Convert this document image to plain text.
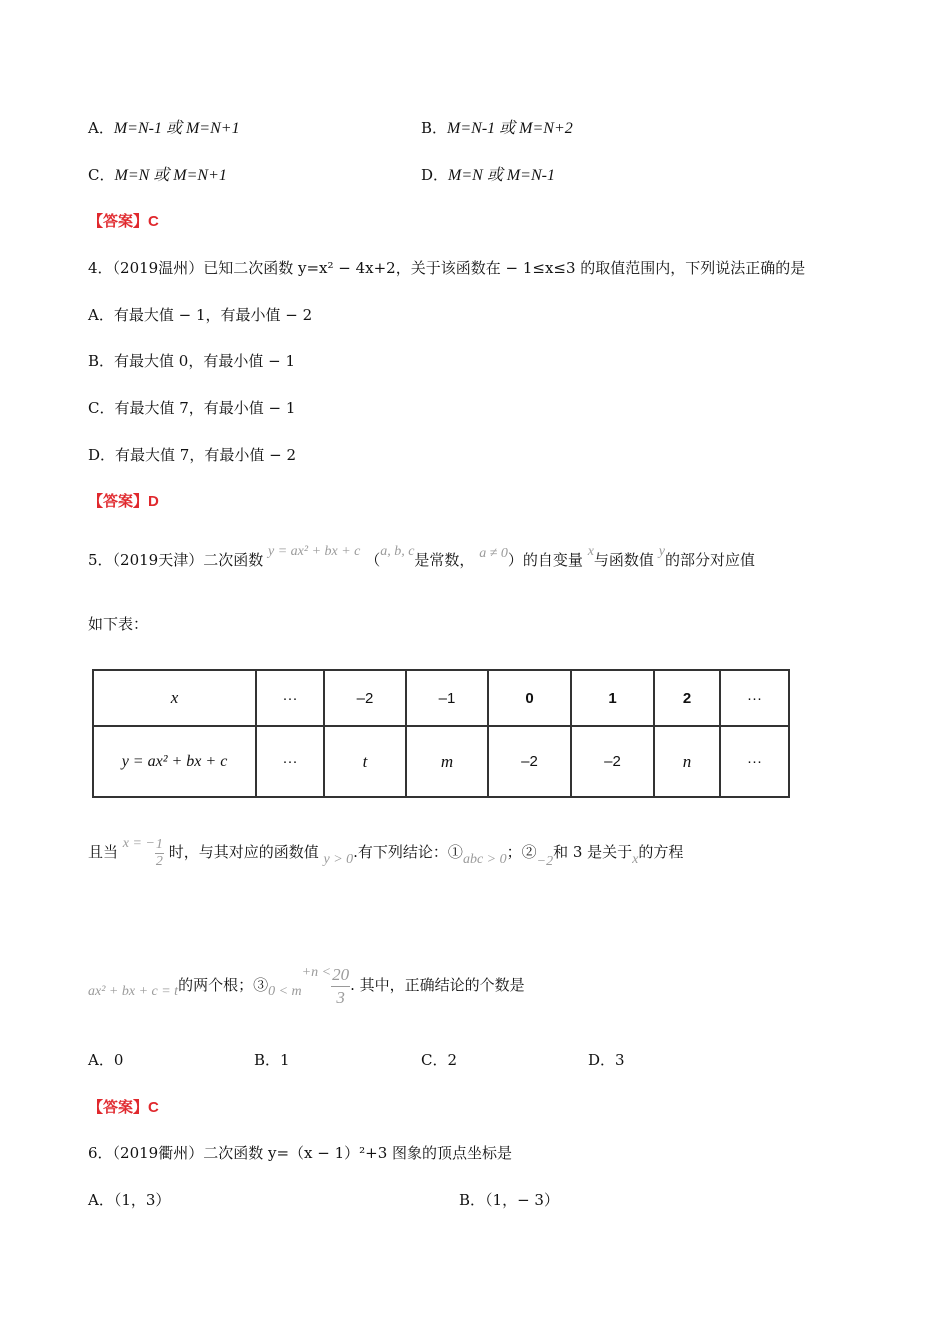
A．M=N-1 或 M=N+1	B．M=N-1 或 M=N+2
C．M=N 或 M=N+1	D．M=N 或 M=N-1
【答案】C
4．（2019温州）已知二次函数 y=x² − 4x+2，关于该函数在 − 1≤x≤3 的取值范围内，下列说法正确的是
A．有最大值 − 1，有最小值 − 2
B．有最大值 0，有最小值 − 1
C．有最大值 7，有最小值 − 1
D．有最大值 7，有最小值 − 2
【答案】D
5．（2019天津）二次函数 y = ax² + bx + c （a, b, c是常数， a ≠ 0）的自变量 x与函数值 y的部分对应值
如下表：
x	···	–2	–1	0	1	2	···
y = ax² + bx + c	···	t	m	–2	–2	n	···
且当 x = − $\frac{1}{2}$ 时，与其对应的函数值 y > 0.有下列结论：①abc > 0；②−2和 3 是关于x的方程
ax² + bx + c = t的两个根；③0 < $m+n < \frac{20}{3}$ . 其中，正确结论的个数是
A．0	B．1	C．2	D．3
【答案】C
6．（2019衢州）二次函数 y=（x − 1）²+3 图象的顶点坐标是
A．（1，3）	B．（1，− 3）
